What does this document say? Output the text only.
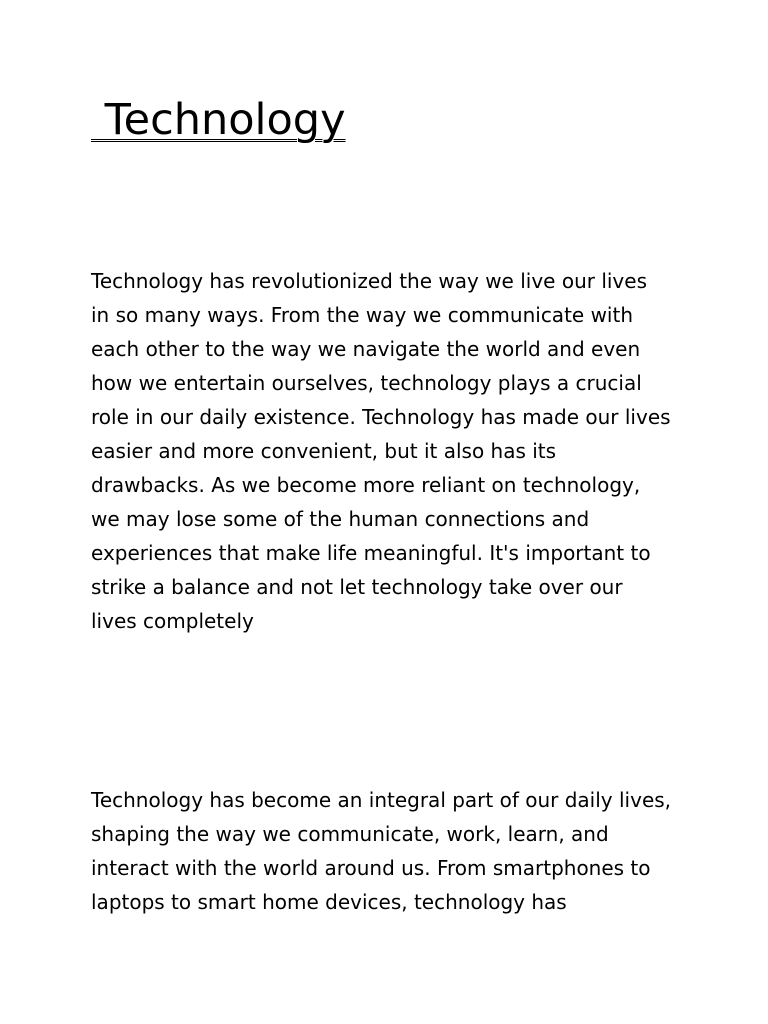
Technology

Technology has revolutionized the way we live our lives
in so many ways. From the way we communicate with
each other to the way we navigate the world and even
how we entertain ourselves, technology plays a crucial
role in our daily existence. Technology has made our lives
easier and more convenient, but it also has its
drawbacks. As we become more reliant on technology,
we may lose some of the human connections and
experiences that make life meaningful. It's important to
strike a balance and not let technology take over our
lives completely

Technology has become an integral part of our daily lives,
shaping the way we communicate, work, learn, and
interact with the world around us. From smartphones to
laptops to smart home devices, technology has
